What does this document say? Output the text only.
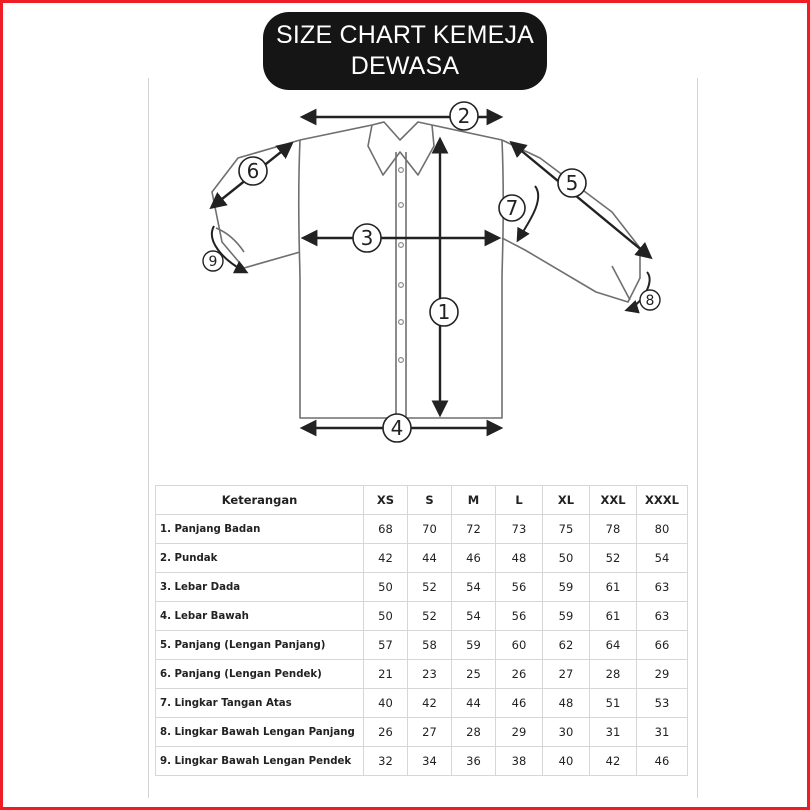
SIZE CHART KEMEJA
DEWASA
1
2
3
4
5
6
7
8
9
Keterangan	XS	S	M	L	XL	XXL	XXXL
1. Panjang Badan	68	70	72	73	75	78	80
2. Pundak	42	44	46	48	50	52	54
3. Lebar Dada	50	52	54	56	59	61	63
4. Lebar Bawah	50	52	54	56	59	61	63
5. Panjang (Lengan Panjang)	57	58	59	60	62	64	66
6. Panjang (Lengan Pendek)	21	23	25	26	27	28	29
7. Lingkar Tangan Atas	40	42	44	46	48	51	53
8. Lingkar Bawah Lengan Panjang	26	27	28	29	30	31	31
9. Lingkar Bawah Lengan Pendek	32	34	36	38	40	42	46
